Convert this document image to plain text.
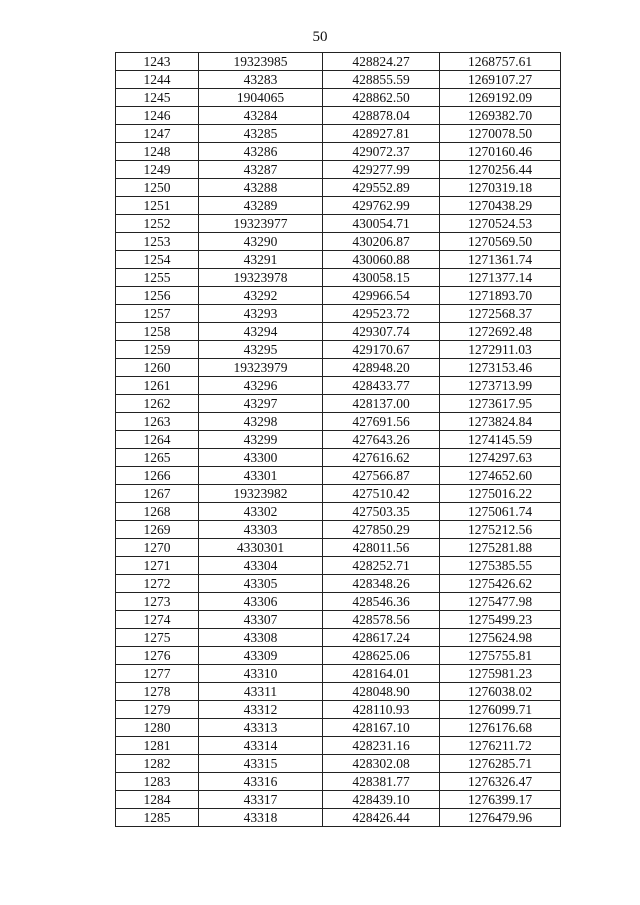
50
1243	19323985	428824.27	1268757.61
1244	43283	428855.59	1269107.27
1245	1904065	428862.50	1269192.09
1246	43284	428878.04	1269382.70
1247	43285	428927.81	1270078.50
1248	43286	429072.37	1270160.46
1249	43287	429277.99	1270256.44
1250	43288	429552.89	1270319.18
1251	43289	429762.99	1270438.29
1252	19323977	430054.71	1270524.53
1253	43290	430206.87	1270569.50
1254	43291	430060.88	1271361.74
1255	19323978	430058.15	1271377.14
1256	43292	429966.54	1271893.70
1257	43293	429523.72	1272568.37
1258	43294	429307.74	1272692.48
1259	43295	429170.67	1272911.03
1260	19323979	428948.20	1273153.46
1261	43296	428433.77	1273713.99
1262	43297	428137.00	1273617.95
1263	43298	427691.56	1273824.84
1264	43299	427643.26	1274145.59
1265	43300	427616.62	1274297.63
1266	43301	427566.87	1274652.60
1267	19323982	427510.42	1275016.22
1268	43302	427503.35	1275061.74
1269	43303	427850.29	1275212.56
1270	4330301	428011.56	1275281.88
1271	43304	428252.71	1275385.55
1272	43305	428348.26	1275426.62
1273	43306	428546.36	1275477.98
1274	43307	428578.56	1275499.23
1275	43308	428617.24	1275624.98
1276	43309	428625.06	1275755.81
1277	43310	428164.01	1275981.23
1278	43311	428048.90	1276038.02
1279	43312	428110.93	1276099.71
1280	43313	428167.10	1276176.68
1281	43314	428231.16	1276211.72
1282	43315	428302.08	1276285.71
1283	43316	428381.77	1276326.47
1284	43317	428439.10	1276399.17
1285	43318	428426.44	1276479.96
